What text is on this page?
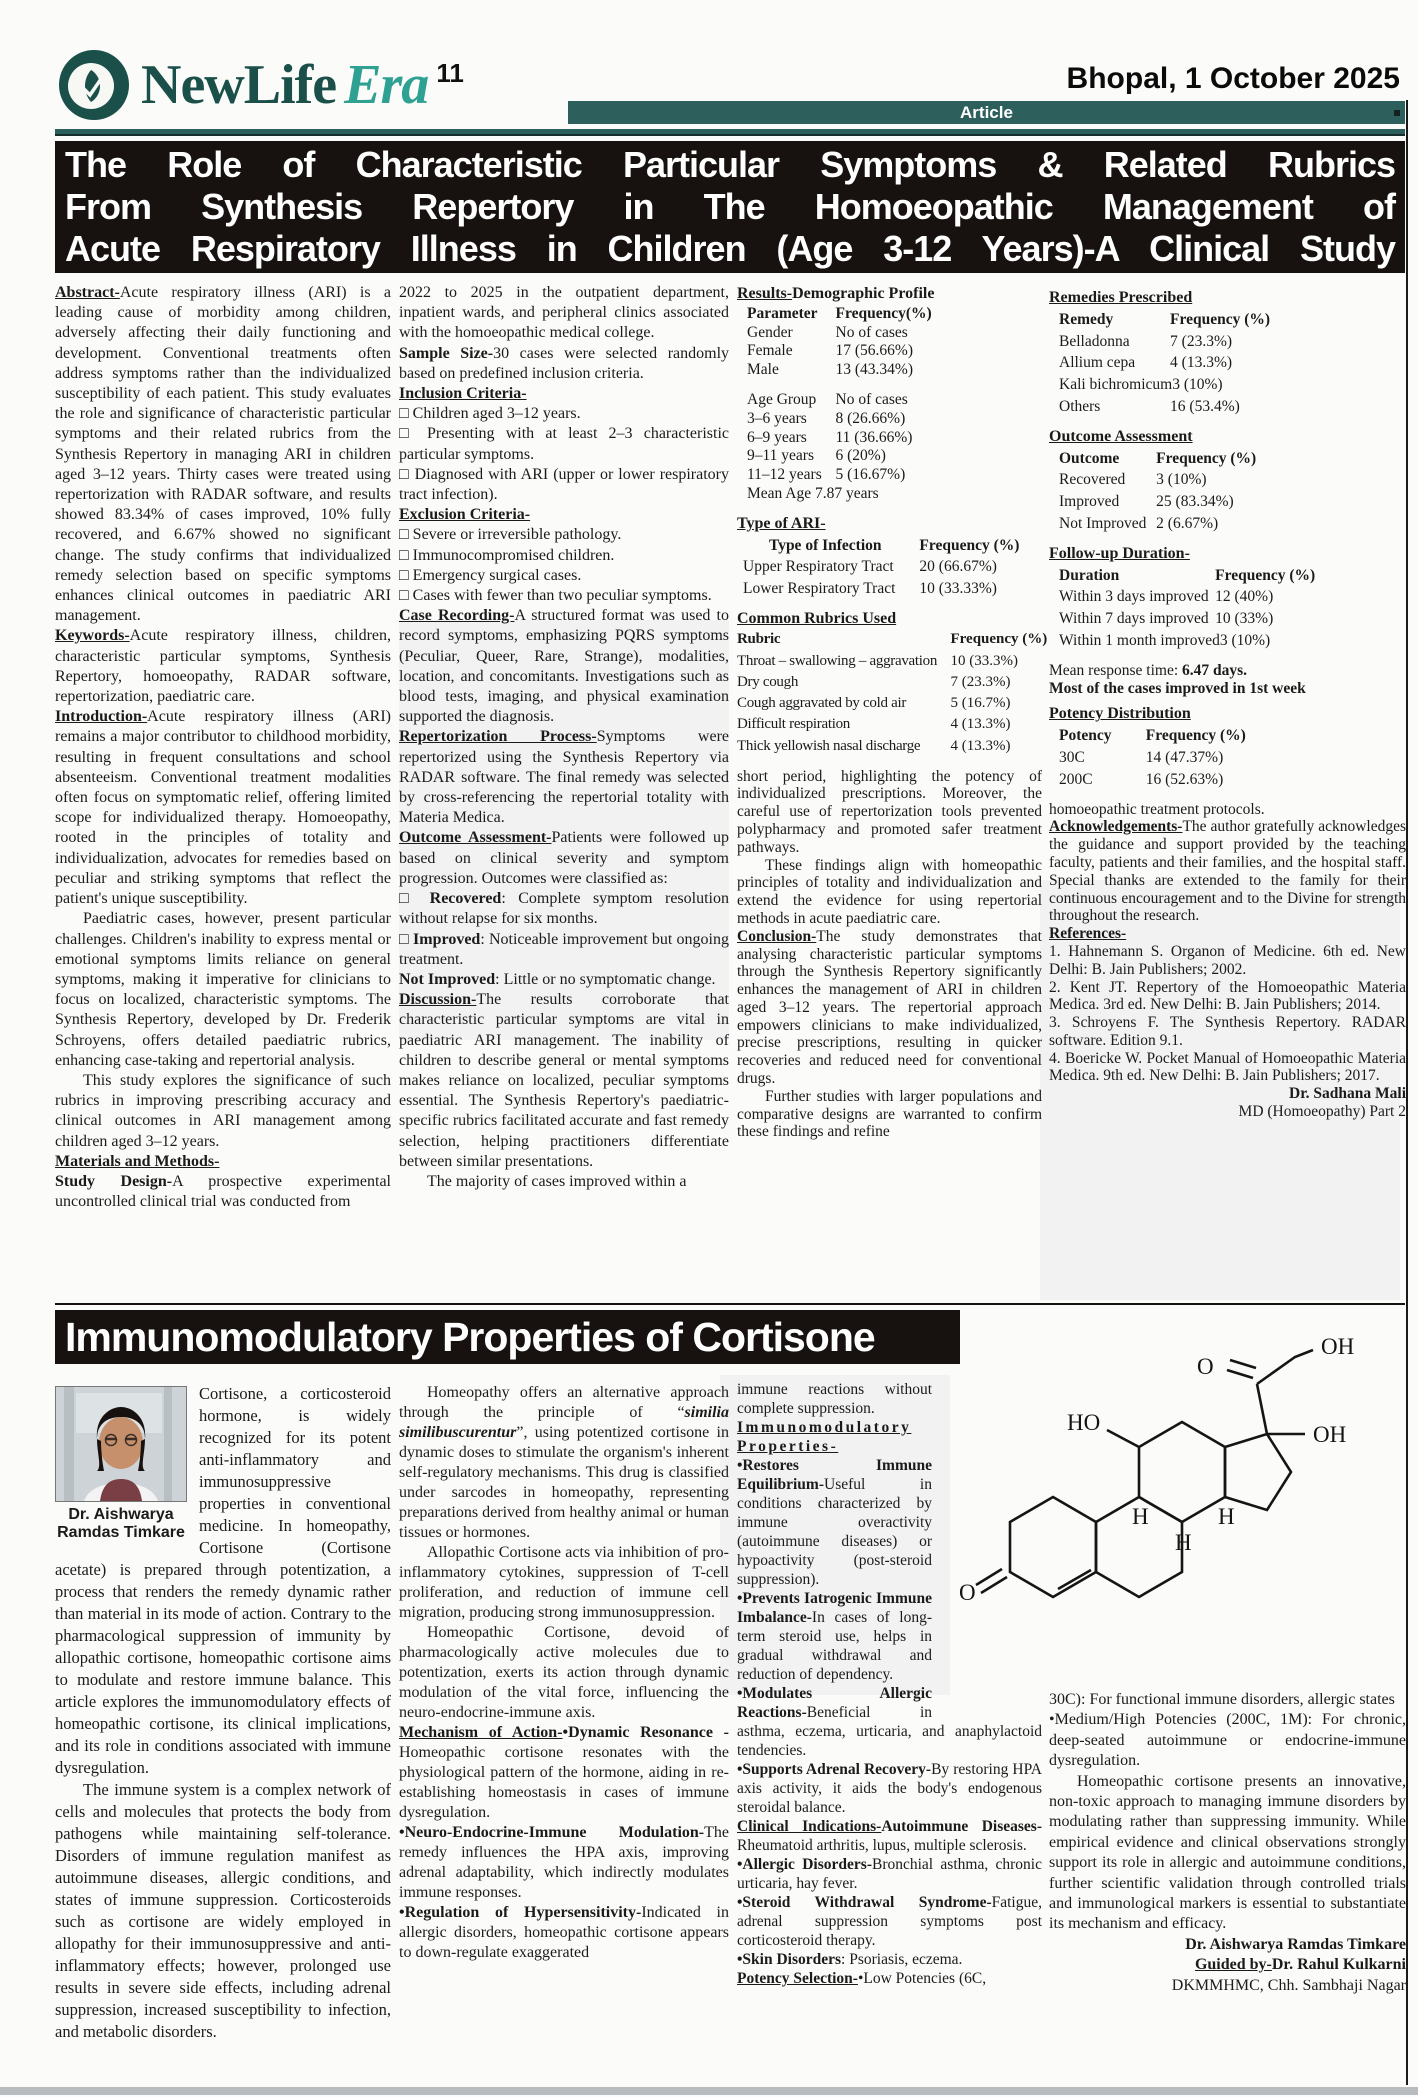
NewLife Era 11	Bhopal, 1 October 2025
Article
The Role of Characteristic Particular Symptoms & Related Rubrics
From Synthesis Repertory in The Homoeopathic Management of
Acute Respiratory Illness in Children (Age 3-12 Years)-A Clinical Study

Abstract-Acute respiratory illness (ARI) is a leading cause of morbidity among children, adversely affecting their daily functioning and development. Conventional treatments often address symptoms rather than the individualized susceptibility of each patient. This study evaluates the role and significance of characteristic particular symptoms and their related rubrics from the Synthesis Repertory in managing ARI in children aged 3–12 years. Thirty cases were treated using repertorization with RADAR software, and results showed 83.34% of cases improved, 10% fully recovered, and 6.67% showed no significant change. The study confirms that individualized remedy selection based on specific symptoms enhances clinical outcomes in paediatric ARI management.

Keywords-Acute respiratory illness, children, characteristic particular symptoms, Synthesis Repertory, homoeopathy, RADAR software, repertorization, paediatric care.

Introduction-Acute respiratory illness (ARI) remains a major contributor to childhood morbidity, resulting in frequent consultations and school absenteeism. Conventional treatment modalities often focus on symptomatic relief, offering limited scope for individualized therapy. Homoeopathy, rooted in the principles of totality and individualization, advocates for remedies based on peculiar and striking symptoms that reflect the patient's unique susceptibility.

Paediatric cases, however, present particular challenges. Children's inability to express mental or emotional symptoms limits reliance on general symptoms, making it imperative for clinicians to focus on localized, characteristic symptoms. The Synthesis Repertory, developed by Dr. Frederik Schroyens, offers detailed paediatric rubrics, enhancing case-taking and repertorial analysis.

This study explores the significance of such rubrics in improving prescribing accuracy and clinical outcomes in ARI management among children aged 3–12 years.

Materials and Methods-

Study Design-A prospective experimental uncontrolled clinical trial was conducted from

2022 to 2025 in the outpatient department, inpatient wards, and peripheral clinics associated with the homoeopathic medical college.

Sample Size-30 cases were selected randomly based on predefined inclusion criteria.

Inclusion Criteria-

□ Children aged 3–12 years.

□ Presenting with at least 2–3 characteristic particular symptoms.

□ Diagnosed with ARI (upper or lower respiratory tract infection).

Exclusion Criteria-

□ Severe or irreversible pathology.

□ Immunocompromised children.

□ Emergency surgical cases.

□ Cases with fewer than two peculiar symptoms.

Case Recording-A structured format was used to record symptoms, emphasizing PQRS symptoms (Peculiar, Queer, Rare, Strange), modalities, location, and concomitants. Investigations such as blood tests, imaging, and physical examination supported the diagnosis.

Repertorization Process-Symptoms were repertorized using the Synthesis Repertory via RADAR software. The final remedy was selected by cross-referencing the repertorial totality with Materia Medica.

Outcome Assessment-Patients were followed up based on clinical severity and symptom progression. Outcomes were classified as:

□ Recovered: Complete symptom resolution without relapse for six months.

□ Improved: Noticeable improvement but ongoing treatment.

Not Improved: Little or no symptomatic change.

Discussion-The results corroborate that characteristic particular symptoms are vital in paediatric ARI management. The inability of children to describe general or mental symptoms makes reliance on localized, peculiar symptoms essential. The Synthesis Repertory's paediatric-specific rubrics facilitated accurate and fast remedy selection, helping practitioners differentiate between similar presentations.

The majority of cases improved within a

Results-Demographic Profile

Parameter	Frequency(%)
Gender	No of cases
Female	17 (56.66%)
Male	13 (43.34%)
Age Group	No of cases
3–6 years	8 (26.66%)
6–9 years	11 (36.66%)
9–11 years	6 (20%)
11–12 years 5 (16.67%)
Mean Age 7.87 years

Type of ARI-

Type of Infection	Frequency (%)
Upper Respiratory Tract	20 (66.67%)
Lower Respiratory Tract	10 (33.33%)

Common Rubrics Used

Rubric	Frequency (%)
Throat – swallowing – aggravation 10 (33.3%)
Dry cough	7 (23.3%)
Cough aggravated by cold air	5 (16.7%)
Difficult respiration	4 (13.3%)
Thick yellowish nasal discharge	4 (13.3%)

short period, highlighting the potency of individualized prescriptions. Moreover, the careful use of repertorization tools prevented polypharmacy and promoted safer treatment pathways.

These findings align with homeopathic principles of totality and individualization and extend the evidence for using repertorial methods in acute paediatric care.

Conclusion-The study demonstrates that analysing characteristic particular symptoms through the Synthesis Repertory significantly enhances the management of ARI in children aged 3–12 years. The repertorial approach empowers clinicians to make individualized, precise prescriptions, resulting in quicker recoveries and reduced need for conventional drugs.

Further studies with larger populations and comparative designs are warranted to confirm these findings and refine

Remedies Prescribed

Remedy	Frequency (%)
Belladonna	7 (23.3%)
Allium cepa	4 (13.3%)
Kali bichromicum 3 (10%)
Others	16 (53.4%)

Outcome Assessment

Outcome	Frequency (%)
Recovered	3 (10%)
Improved	25 (83.34%)
Not Improved 2 (6.67%)

Follow-up Duration-

Duration	Frequency (%)
Within 3 days improved 12 (40%)
Within 7 days improved 10 (33%)
Within 1 month improved 3 (10%)

Mean response time: 6.47 days.

Most of the cases improved in 1st week

Potency Distribution

Potency	Frequency (%)
30C	14 (47.37%)
200C	16 (52.63%)

homoeopathic treatment protocols.

Acknowledgements-The author gratefully acknowledges the guidance and support provided by the teaching faculty, patients and their families, and the hospital staff. Special thanks are extended to the family for their continuous encouragement and to the Divine for strength throughout the research.

References-

1. Hahnemann S. Organon of Medicine. 6th ed. New Delhi: B. Jain Publishers; 2002.

2. Kent JT. Repertory of the Homoeopathic Materia Medica. 3rd ed. New Delhi: B. Jain Publishers; 2014.

3. Schroyens F. The Synthesis Repertory. RADAR software. Edition 9.1.

4. Boericke W. Pocket Manual of Homoeopathic Materia Medica. 9th ed. New Delhi: B. Jain Publishers; 2017.

Dr. Sadhana Mali

MD (Homoeopathy) Part 2

Immunomodulatory Properties of Cortisone	OH
O
HO	OH
O
H
H
H
Dr. Aishwarya
Ramdas Timkare

Cortisone, a corticosteroid hormone, is widely recognized for its potent anti-inflammatory and immunosuppressive properties in conventional medicine. In homeopathy, Cortisone (Cortisone acetate) is prepared through potentization, a process that renders the remedy dynamic rather than material in its mode of action. Contrary to the pharmacological suppression of immunity by allopathic cortisone, homeopathic cortisone aims to modulate and restore immune balance. This article explores the immunomodulatory effects of homeopathic cortisone, its clinical implications, and its role in conditions associated with immune dysregulation.

The immune system is a complex network of cells and molecules that protects the body from pathogens while maintaining self-tolerance. Disorders of immune regulation manifest as autoimmune diseases, allergic conditions, and states of immune suppression. Corticosteroids such as cortisone are widely employed in allopathy for their immunosuppressive and anti-inflammatory effects; however, prolonged use results in severe side effects, including adrenal suppression, increased susceptibility to infection, and metabolic disorders.

Homeopathy offers an alternative approach through the principle of “similia similibuscurentur”, using potentized cortisone in dynamic doses to stimulate the organism's inherent self-regulatory mechanisms. This drug is classified under sarcodes in homeopathy, representing preparations derived from healthy animal or human tissues or hormones.

Allopathic Cortisone acts via inhibition of pro-inflammatory cytokines, suppression of T-cell proliferation, and reduction of immune cell migration, producing strong immunosuppression.

Homeopathic Cortisone, devoid of pharmacologically active molecules due to potentization, exerts its action through dynamic modulation of the vital force, influencing the neuro-endocrine-immune axis.

Mechanism of Action-•Dynamic Resonance -Homeopathic cortisone resonates with the physiological pattern of the hormone, aiding in re-establishing homeostasis in cases of immune dysregulation.

•Neuro-Endocrine-Immune Modulation-The remedy influences the HPA axis, improving adrenal adaptability, which indirectly modulates immune responses.

•Regulation of Hypersensitivity-Indicated in allergic disorders, homeopathic cortisone appears to down-regulate exaggerated

immune reactions without complete suppression.

Immunomodulatory Properties-

•Restores Immune Equilibrium-Useful in conditions characterized by immune overactivity (autoimmune diseases) or hypoactivity (post-steroid suppression).

•Prevents Iatrogenic Immune Imbalance-In cases of long-term steroid use, helps in gradual withdrawal and reduction of dependency.

•Modulates Allergic Reactions-Beneficial in asthma, eczema, urticaria, and anaphylactoid tendencies.

•Supports Adrenal Recovery-By restoring HPA axis activity, it aids the body's endogenous steroidal balance.

Clinical Indications-Autoimmune Diseases-Rheumatoid arthritis, lupus, multiple sclerosis.

•Allergic Disorders-Bronchial asthma, chronic urticaria, hay fever.

•Steroid Withdrawal Syndrome-Fatigue, adrenal suppression symptoms post corticosteroid therapy.

•Skin Disorders: Psoriasis, eczema.

Potency Selection-•Low Potencies (6C,

30C): For functional immune disorders, allergic states

•Medium/High Potencies (200C, 1M): For chronic, deep-seated autoimmune or endocrine-immune dysregulation.

Homeopathic cortisone presents an innovative, non-toxic approach to managing immune disorders by modulating rather than suppressing immunity. While empirical evidence and clinical observations strongly support its role in allergic and autoimmune conditions, further scientific validation through controlled trials and immunological markers is essential to substantiate its mechanism and efficacy.

Dr. Aishwarya Ramdas Timkare

Guided by-Dr. Rahul Kulkarni

DKMMHMC, Chh. Sambhaji Nagar
